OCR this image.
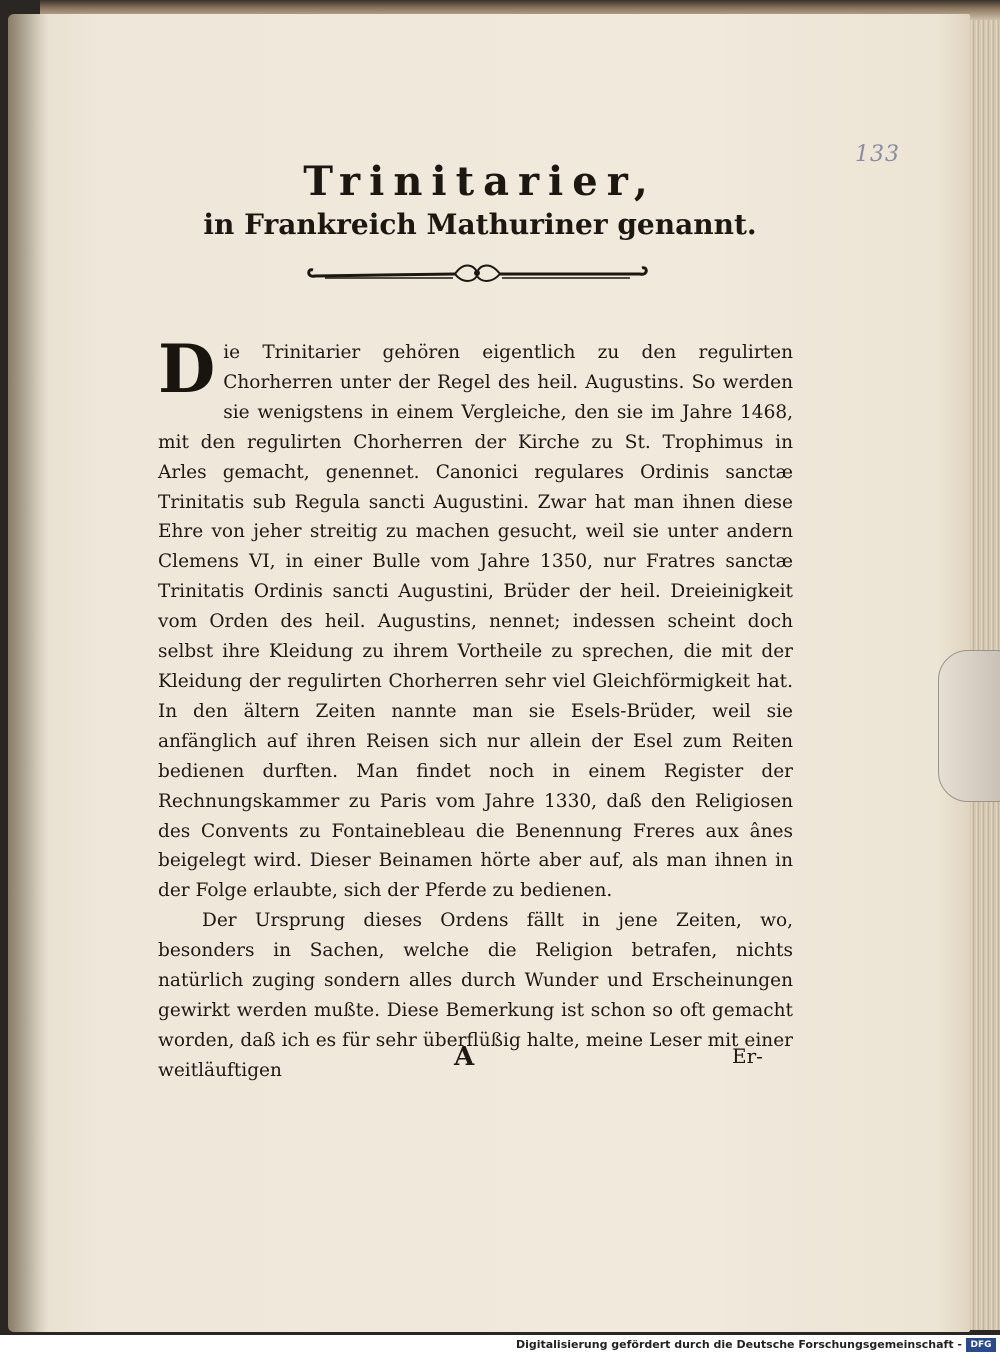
133
Trinitarier,
in Frankreich Mathuriner genannt.

Die Trinitarier gehören eigentlich zu den regulirten Chorherren unter der Regel des heil. Augustins. So werden sie wenigstens in einem Vergleiche, den sie im Jahre 1468, mit den regulirten Chorherren der Kirche zu St. Trophimus in Arles gemacht, genennet. Canonici regulares Ordinis sanctæ Trinitatis sub Regula sancti Augustini. Zwar hat man ihnen diese Ehre von jeher streitig zu machen gesucht, weil sie unter andern Clemens VI, in einer Bulle vom Jahre 1350, nur Fratres sanctæ Trinitatis Ordinis sancti Augustini, Brüder der heil. Dreieinigkeit vom Orden des heil. Augustins, nennet; indessen scheint doch selbst ihre Kleidung zu ihrem Vortheile zu sprechen, die mit der Kleidung der regulirten Chorherren sehr viel Gleichförmigkeit hat. In den ältern Zeiten nannte man sie Esels-Brüder, weil sie anfänglich auf ihren Reisen sich nur allein der Esel zum Reiten bedienen durften. Man findet noch in einem Register der Rechnungskammer zu Paris vom Jahre 1330, daß den Religiosen des Convents zu Fontainebleau die Benennung Freres aux ânes beigelegt wird. Dieser Beinamen hörte aber auf, als man ihnen in der Folge erlaubte, sich der Pferde zu bedienen.

Der Ursprung dieses Ordens fällt in jene Zeiten, wo, besonders in Sachen, welche die Religion betrafen, nichts natürlich zuging sondern alles durch Wunder und Erscheinungen gewirkt werden mußte. Diese Bemerkung ist schon so oft gemacht worden, daß ich es für sehr überflüßig halte, meine Leser mit einer weitläuftigen	A	Er-
Digitalisierung gefördert durch die Deutsche Forschungsgemeinschaft - DFG
